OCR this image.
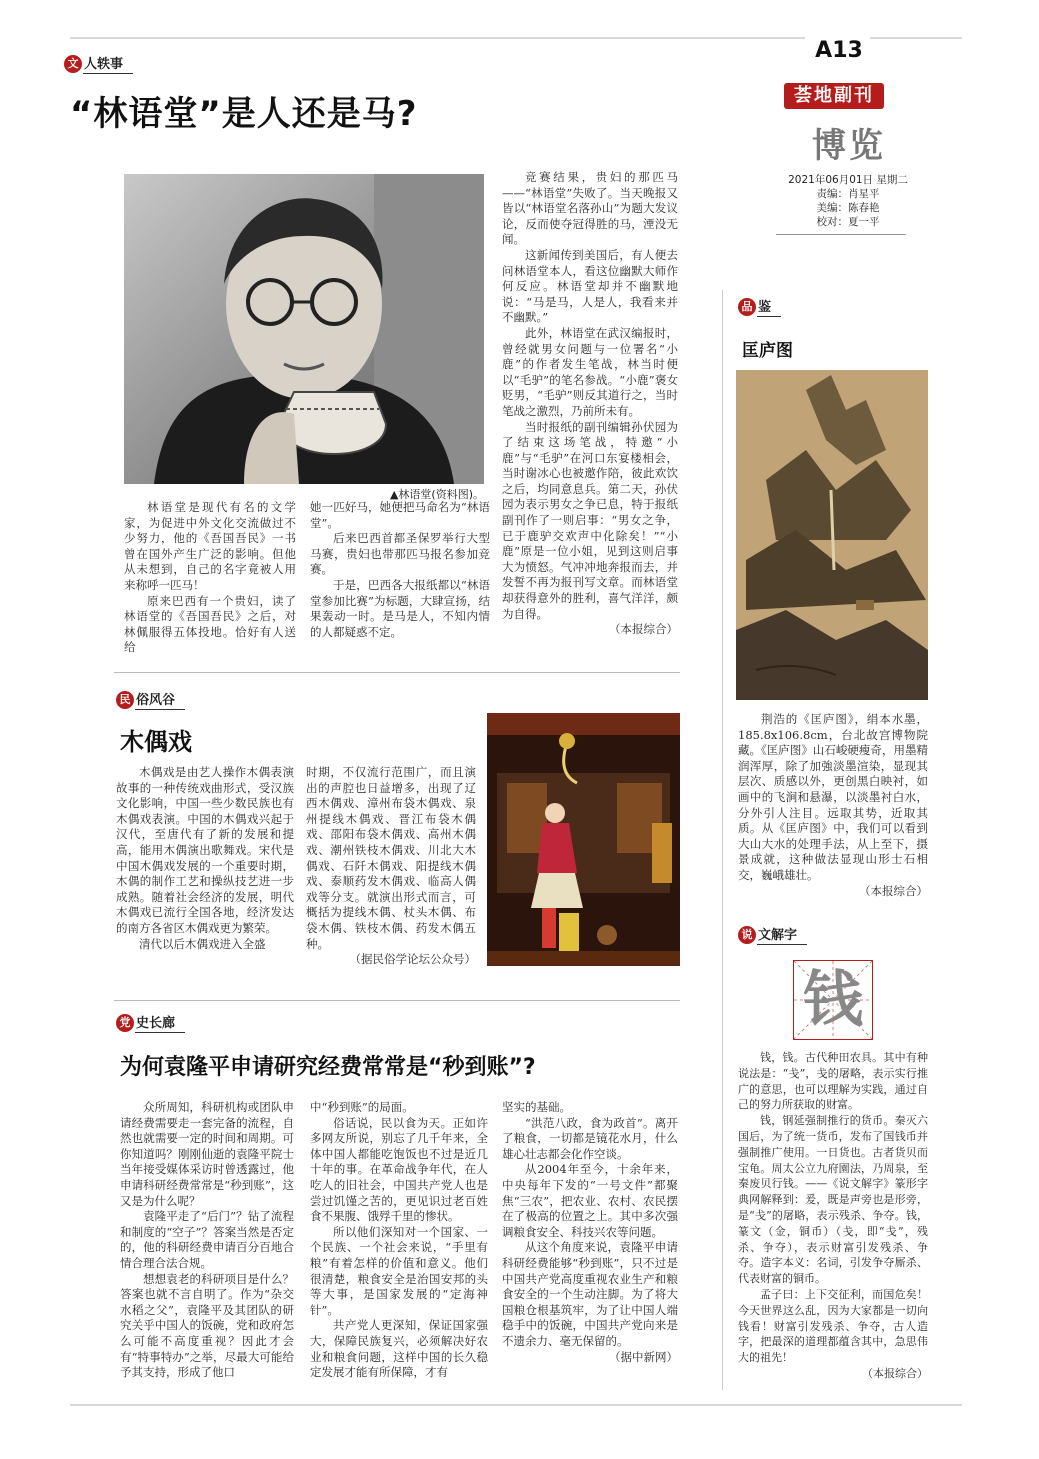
A13
荟地副刊
博览
2021年06月01日 星期二
责编：肖星平
美编：陈春艳
校对：夏一平
文 人轶事
“林语堂”是人还是马?
▲林语堂(资料图)。

林语堂是现代有名的文学家，为促进中外文化交流做过不少努力，他的《吾国吾民》一书曾在国外产生广泛的影响。但他从未想到，自己的名字竟被人用来称呼一匹马！

原来巴西有一个贵妇，读了林语堂的《吾国吾民》之后，对林佩服得五体投地。恰好有人送给

她一匹好马，她便把马命名为“林语堂”。

后来巴西首都圣保罗举行大型马赛，贵妇也带那匹马报名参加竞赛。

于是，巴西各大报纸都以“林语堂参加比赛”为标题，大肆宣扬，结果轰动一时。是马是人，不知内情的人都疑惑不定。

竞赛结果，贵妇的那匹马——“林语堂”失败了。当天晚报又皆以“林语堂名落孙山”为题大发议论，反而使夺冠得胜的马，湮没无闻。

这新闻传到美国后，有人便去问林语堂本人，看这位幽默大师作何反应。林语堂却并不幽默地说：“马是马，人是人，我看来并不幽默。”

此外，林语堂在武汉编报时，曾经就男女问题与一位署名“小鹿”的作者发生笔战，林当时便以“毛驴”的笔名参战。“小鹿”褒女贬男，“毛驴”则反其道行之，当时笔战之激烈，乃前所未有。

当时报纸的副刊编辑孙伏园为了结束这场笔战，特邀“小鹿”与“毛驴”在河口东宴楼相会，当时谢冰心也被邀作陪，彼此欢饮之后，均同意息兵。第二天，孙伏园为表示男女之争已息，特于报纸副刊作了一则启事：“男女之争，已于鹿驴交欢声中化除矣！”“小鹿”原是一位小姐，见到这则启事大为愤怒。气冲冲地奔报而去，并发誓不再为报刊写文章。而林语堂却获得意外的胜利，喜气洋洋，颇为自得。

（本报综合）

民 俗风谷
木偶戏

木偶戏是由艺人操作木偶表演故事的一种传统戏曲形式，受汉族文化影响，中国一些少数民族也有木偶戏表演。中国的木偶戏兴起于汉代，至唐代有了新的发展和提高，能用木偶演出歌舞戏。宋代是中国木偶戏发展的一个重要时期，木偶的制作工艺和操纵技艺进一步成熟。随着社会经济的发展，明代木偶戏已流行全国各地，经济发达的南方各省区木偶戏更为繁荣。

清代以后木偶戏进入全盛

时期，不仅流行范围广，而且演出的声腔也日益增多，出现了辽西木偶戏、漳州布袋木偶戏、泉州提线木偶戏、晋江布袋木偶戏、邵阳布袋木偶戏、高州木偶戏、潮州铁枝木偶戏、川北大木偶戏、石阡木偶戏、阳提线木偶戏、泰顺药发木偶戏、临高人偶戏等分支。就演出形式而言，可概括为提线木偶、杖头木偶、布袋木偶、铁枝木偶、药发木偶五种。

（据民俗学论坛公众号）

党 史长廊
为何袁隆平申请研究经费常常是“秒到账”?

众所周知，科研机构或团队申请经费需要走一套完备的流程，自然也就需要一定的时间和周期。可你知道吗？刚刚仙逝的袁隆平院士当年接受媒体采访时曾透露过，他申请科研经费常常是“秒到账”，这又是为什么呢？

袁隆平走了“后门”？钻了流程和制度的“空子”？答案当然是否定的，他的科研经费申请百分百地合情合理合法合规。

想想袁老的科研项目是什么？答案也就不言自明了。作为“杂交水稻之父”，袁隆平及其团队的研究关乎中国人的饭碗，党和政府怎么可能不高度重视？因此才会有“特事特办”之举，尽最大可能给予其支持，形成了他口

中“秒到账”的局面。

俗话说，民以食为天。正如许多网友所说，别忘了几千年来，全体中国人都能吃饱饭也不过是近几十年的事。在革命战争年代，在人吃人的旧社会，中国共产党人也是尝过饥馑之苦的，更见识过老百姓食不果腹、饿殍千里的惨状。

所以他们深知对一个国家、一个民族、一个社会来说，“手里有粮”有着怎样的价值和意义。他们很清楚，粮食安全是治国安邦的头等大事，是国家发展的“定海神针”。

共产党人更深知，保证国家强大，保障民族复兴，必须解决好农业和粮食问题，这样中国的长久稳定发展才能有所保障，才有

坚实的基础。

“洪范八政，食为政首”。离开了粮食，一切都是镜花水月，什么雄心壮志都会化作空谈。

从2004年至今，十余年来，中央每年下发的“一号文件”都聚焦“三农”，把农业、农村、农民摆在了极高的位置之上。其中多次强调粮食安全、科技兴农等问题。

从这个角度来说，袁隆平申请科研经费能够“秒到账”，只不过是中国共产党高度重视农业生产和粮食安全的一个生动注脚。为了将大国粮仓根基筑牢，为了让中国人端稳手中的饭碗，中国共产党向来是不遗余力、毫无保留的。

（据中新网）

品 鉴
匡庐图

荆浩的《匡庐图》，绢本水墨，185.8x106.8cm，台北故宫博物院藏。《匡庐图》山石峻硬瘦奇，用墨精润浑厚，除了加強淡墨渲染，显现其层次、质感以外，更创黑白映衬，如画中的飞涧和悬瀑，以淡墨衬白水，分外引人注目。远取其势，近取其质。从《匡庐图》中，我们可以看到大山大水的处理手法，从上至下，摄景成就，这种做法显现山形士石相交，巍峨雄壮。

（本报综合）

说 文解字
钱

钱，钱。古代种田农具。其中有种说法是：“戋”，戋的屠略，表示实行推广的意思，也可以理解为实践，通过自己的努力所获取的财富。

钱，钢延强制推行的货币。秦灭六国后，为了统一货币，发布了国钱币并强制推广使用。一日货也。古者货贝而宝龟。周太公立九府園法，乃周泉，至秦废贝行钱。——《说文解字》篆形字典网解释到：爰，既是声旁也是形旁，是“戋”的屠略，表示残杀、争夺。钱，篆文（金，铜币）（戋，即“戋”，残杀、争夺），表示财富引发残杀、争夺。造字本义：名词，引发争夺厮杀、代表财富的铜币。

孟子曰：上下交征利，而国危矣！今天世界这么乱，因为大家都是一切向钱看！财富引发残杀、争夺，古人造字，把最深的道理都蕴含其中，急思伟大的祖先！

（本报综合）
